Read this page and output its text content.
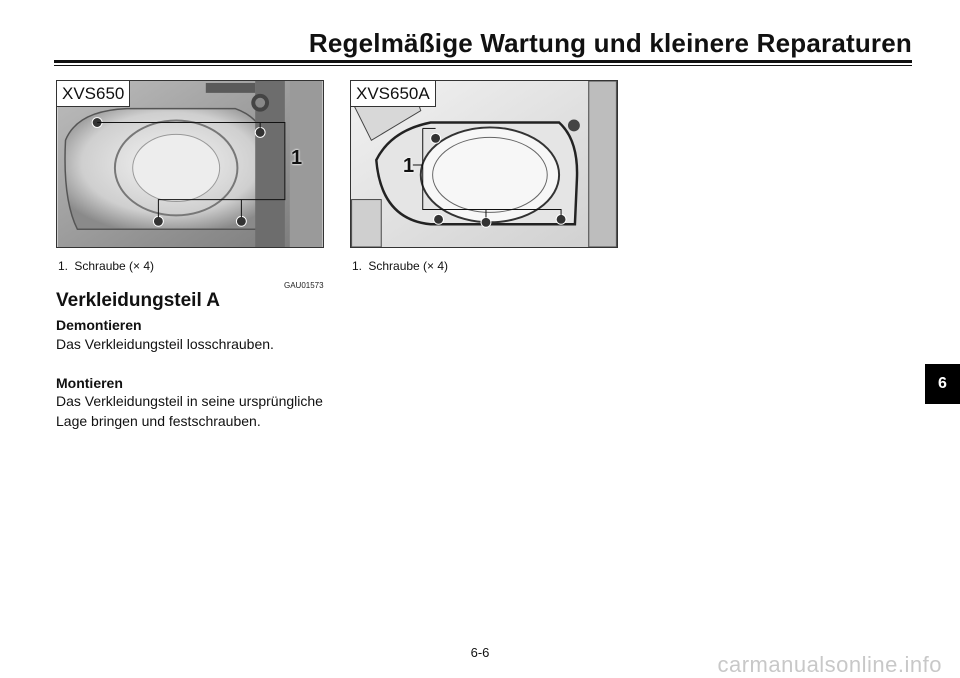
Regelmäßige Wartung und kleinere Reparaturen
XVS650
1
1. Schraube (× 4)
XVS650A
1
1. Schraube (× 4)
GAU01573
Verkleidungsteil A
Demontieren
Das Verkleidungsteil losschrauben.
Montieren
Das Verkleidungsteil in seine ursprüngliche Lage bringen und festschrauben.
6
6-6	carmanualsonline.info
